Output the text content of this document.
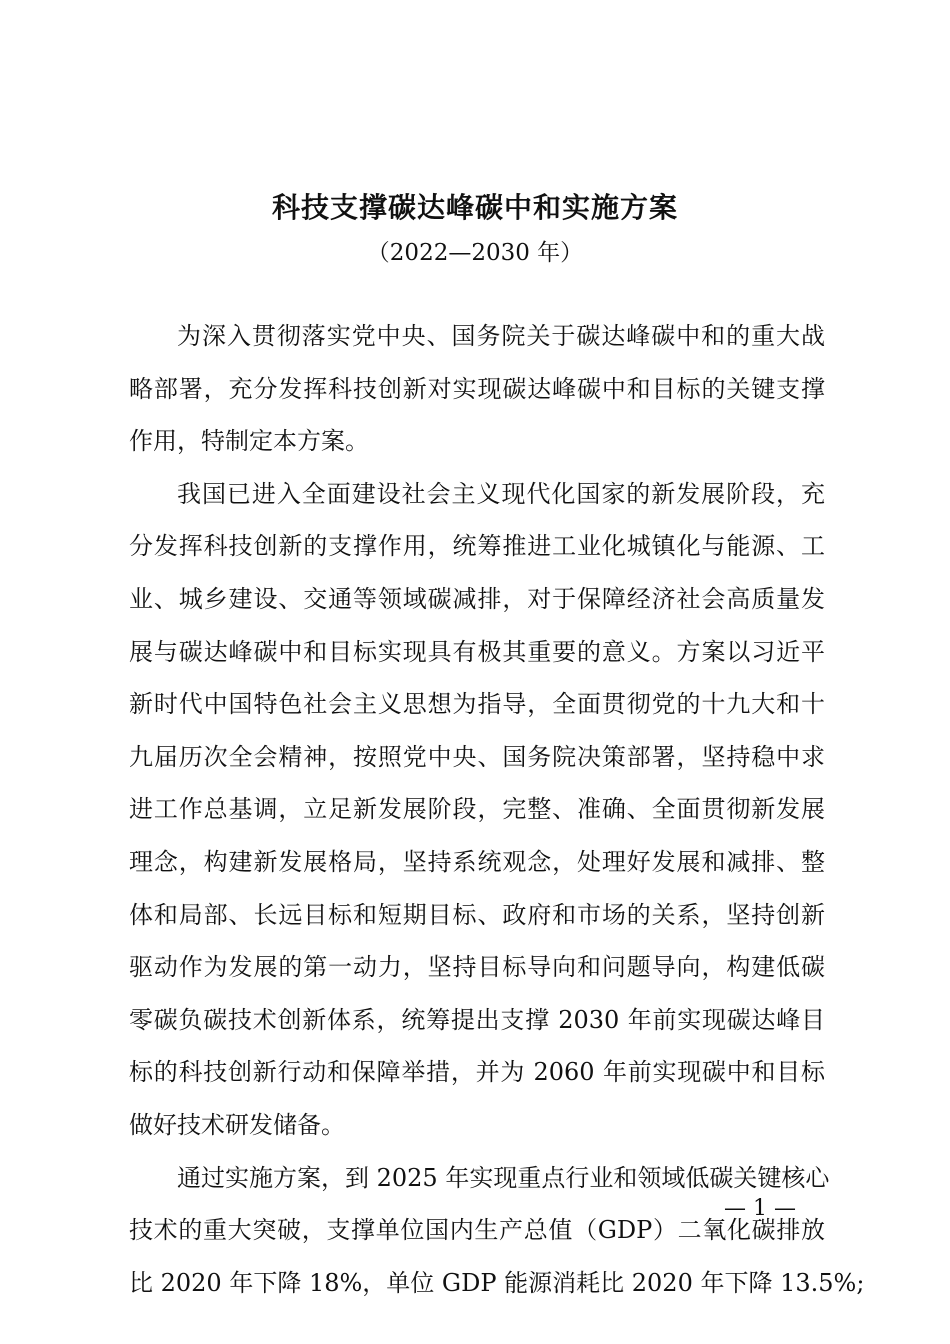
科技支撑碳达峰碳中和实施方案
（2022—2030 年）
为深入贯彻落实党中央、国务院关于碳达峰碳中和的重大战
略部署，充分发挥科技创新对实现碳达峰碳中和目标的关键支撑
作用，特制定本方案。
我国已进入全面建设社会主义现代化国家的新发展阶段，充
分发挥科技创新的支撑作用，统筹推进工业化城镇化与能源、工
业、城乡建设、交通等领域碳减排，对于保障经济社会高质量发
展与碳达峰碳中和目标实现具有极其重要的意义。方案以习近平
新时代中国特色社会主义思想为指导，全面贯彻党的十九大和十
九届历次全会精神，按照党中央、国务院决策部署，坚持稳中求
进工作总基调，立足新发展阶段，完整、准确、全面贯彻新发展
理念，构建新发展格局，坚持系统观念，处理好发展和减排、整
体和局部、长远目标和短期目标、政府和市场的关系，坚持创新
驱动作为发展的第一动力，坚持目标导向和问题导向，构建低碳
零碳负碳技术创新体系，统筹提出支撑 2030 年前实现碳达峰目
标的科技创新行动和保障举措，并为 2060 年前实现碳中和目标
做好技术研发储备。
通过实施方案，到 2025 年实现重点行业和领域低碳关键核心
技术的重大突破，支撑单位国内生产总值（GDP）二氧化碳排放
比 2020 年下降 18%，单位 GDP 能源消耗比 2020 年下降 13.5%;
— 1 —
